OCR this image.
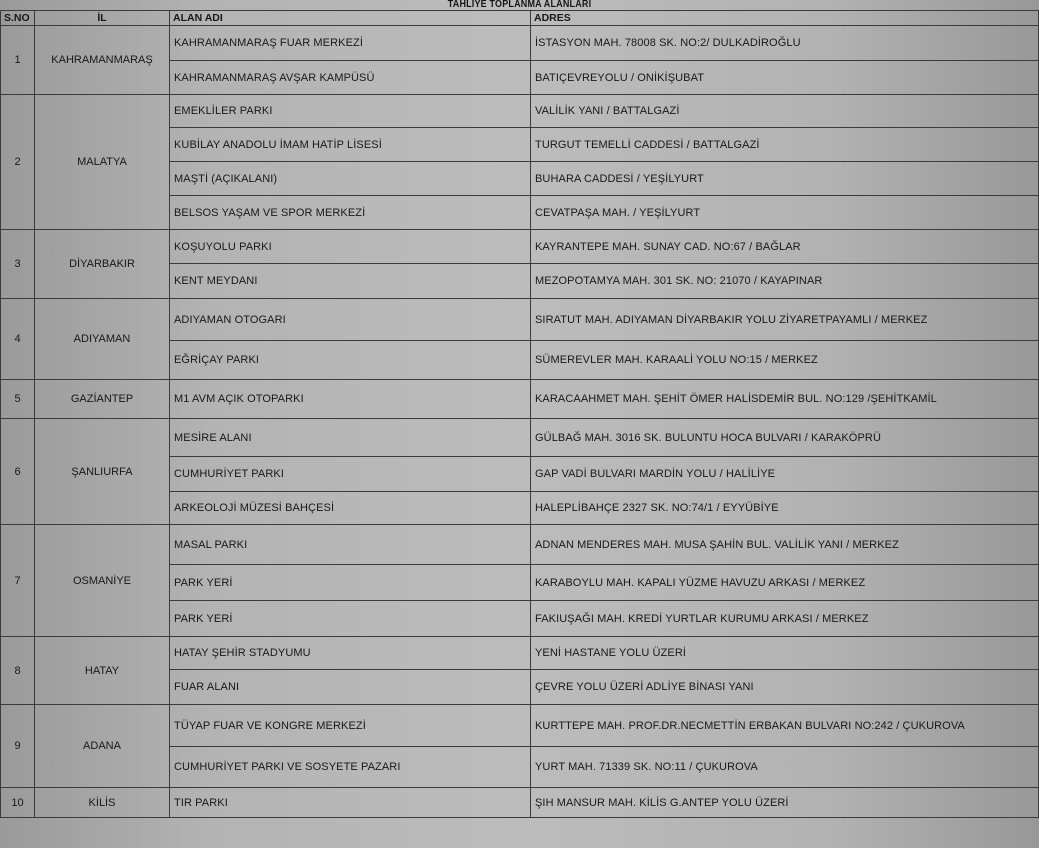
TAHLİYE TOPLANMA ALANLARI
S.NO	İL	ALAN ADI	ADRES
1	KAHRAMANMARAŞ	KAHRAMANMARAŞ FUAR MERKEZİ	İSTASYON MAH. 78008 SK. NO:2/ DULKADİROĞLU
		KAHRAMANMARAŞ AVŞAR KAMPÜSÜ	BATIÇEVREYOLU / ONİKİŞUBAT
2	MALATYA	EMEKLİLER PARKI	VALİLİK YANI / BATTALGAZİ
		KUBİLAY ANADOLU İMAM HATİP LİSESİ	TURGUT TEMELLİ CADDESİ / BATTALGAZİ
		MAŞTİ (AÇIKALANI)	BUHARA CADDESİ / YEŞİLYURT
		BELSOS YAŞAM VE SPOR MERKEZİ	CEVATPAŞA MAH. / YEŞİLYURT
3	DİYARBAKIR	KOŞUYOLU PARKI	KAYRANTEPE MAH. SUNAY CAD. NO:67 / BAĞLAR
		KENT MEYDANI	MEZOPOTAMYA MAH. 301 SK. NO: 21070 / KAYAPINAR
4	ADIYAMAN	ADIYAMAN OTOGARI	SIRATUT MAH. ADIYAMAN DİYARBAKIR YOLU ZİYARETPAYAMLI / MERKEZ
		EĞRİÇAY PARKI	SÜMEREVLER MAH. KARAALİ YOLU NO:15 / MERKEZ
5	GAZİANTEP	M1 AVM AÇIK OTOPARKI	KARACAAHMET MAH. ŞEHİT ÖMER HALİSDEMİR BUL. NO:129 /ŞEHİTKAMİL
6	ŞANLIURFA	MESİRE ALANI	GÜLBAĞ MAH. 3016 SK. BULUNTU HOCA BULVARI / KARAKÖPRÜ
		CUMHURİYET PARKI	GAP VADİ BULVARI MARDİN YOLU / HALİLİYE
		ARKEOLOJİ MÜZESİ BAHÇESİ	HALEPLİBAHÇE 2327 SK. NO:74/1 / EYYÜBİYE
7	OSMANİYE	MASAL PARKI	ADNAN MENDERES MAH. MUSA ŞAHİN BUL. VALİLİK YANI / MERKEZ
		PARK YERİ	KARABOYLU MAH. KAPALI YÜZME HAVUZU ARKASI / MERKEZ
		PARK YERİ	FAKIUŞAĞI MAH. KREDİ YURTLAR KURUMU ARKASI / MERKEZ
8	HATAY	HATAY ŞEHİR STADYUMU	YENİ HASTANE YOLU ÜZERİ
		FUAR ALANI	ÇEVRE YOLU ÜZERİ ADLİYE BİNASI YANI
9	ADANA	TÜYAP FUAR VE KONGRE MERKEZİ	KURTTEPE MAH. PROF.DR.NECMETTİN ERBAKAN BULVARI NO:242 / ÇUKUROVA
		CUMHURİYET PARKI VE SOSYETE PAZARI	YURT MAH. 71339 SK. NO:11 / ÇUKUROVA
10	KİLİS	TIR PARKI	ŞIH MANSUR MAH. KİLİS G.ANTEP YOLU ÜZERİ
